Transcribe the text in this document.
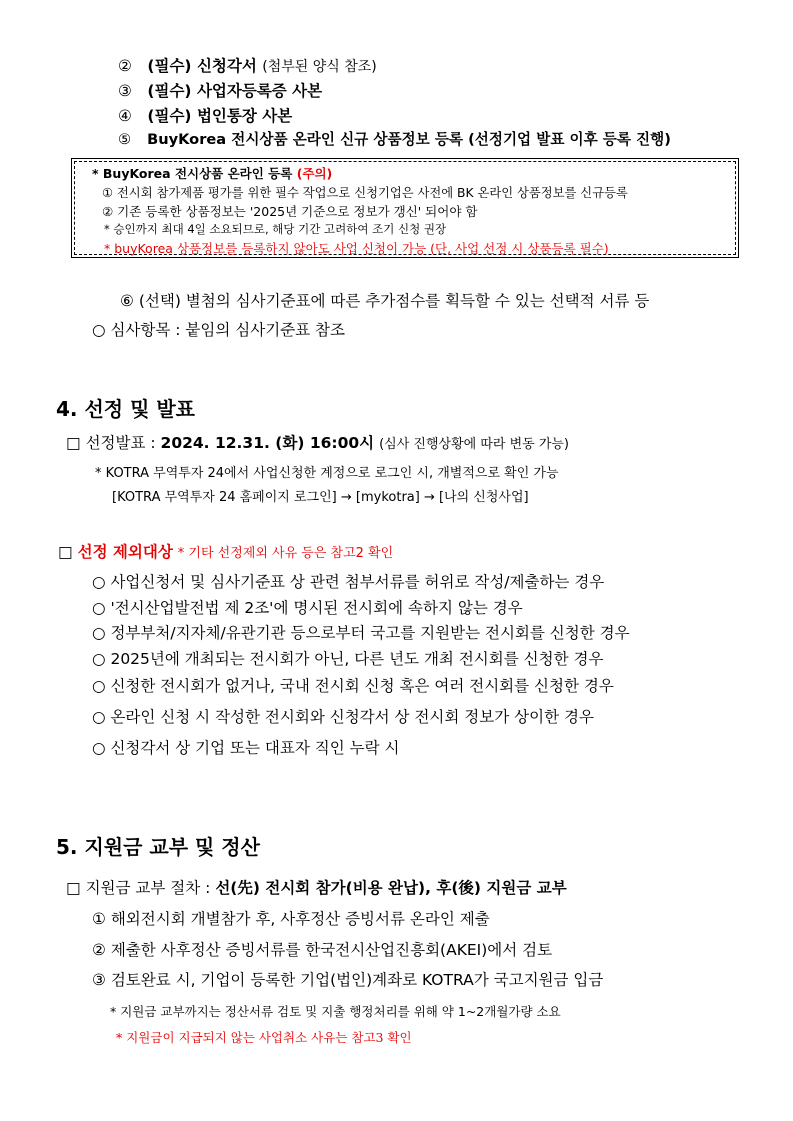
② (필수) 신청각서 (첨부된 양식 참조)
③ (필수) 사업자등록증 사본
④ (필수) 법인통장 사본
⑤ BuyKorea 전시상품 온라인 신규 상품정보 등록 (선정기업 발표 이후 등록 진행)
* BuyKorea 전시상품 온라인 등록 (주의)
① 전시회 참가제품 평가를 위한 필수 작업으로 신청기업은 사전에 BK 온라인 상품정보를 신규등록
② 기존 등록한 상품정보는 '2025년 기준으로 정보가 갱신' 되어야 함
* 승인까지 최대 4일 소요되므로, 해당 기간 고려하여 조기 신청 권장
* buyKorea 상품정보를 등록하지 않아도 사업 신청이 가능 (단, 사업 선정 시 상품등록 필수)
⑥ (선택) 별첨의 심사기준표에 따른 추가점수를 획득할 수 있는 선택적 서류 등
○ 심사항목 : 붙임의 심사기준표 참조
4. 선정 및 발표
□ 선정발표 : 2024. 12.31. (화) 16:00시 (심사 진행상황에 따라 변동 가능)
* KOTRA 무역투자 24에서 사업신청한 계정으로 로그인 시, 개별적으로 확인 가능
[KOTRA 무역투자 24 홈페이지 로그인] → [mykotra] → [나의 신청사업]
□ 선정 제외대상 * 기타 선정제외 사유 등은 참고2 확인
○ 사업신청서 및 심사기준표 상 관련 첨부서류를 허위로 작성/제출하는 경우
○ '전시산업발전법 제 2조'에 명시된 전시회에 속하지 않는 경우
○ 정부부처/지자체/유관기관 등으로부터 국고를 지원받는 전시회를 신청한 경우
○ 2025년에 개최되는 전시회가 아닌, 다른 년도 개최 전시회를 신청한 경우
○ 신청한 전시회가 없거나, 국내 전시회 신청 혹은 여러 전시회를 신청한 경우
○ 온라인 신청 시 작성한 전시회와 신청각서 상 전시회 정보가 상이한 경우
○ 신청각서 상 기업 또는 대표자 직인 누락 시
5. 지원금 교부 및 정산
□ 지원금 교부 절차 : 선(先) 전시회 참가(비용 완납), 후(後) 지원금 교부
① 해외전시회 개별참가 후, 사후정산 증빙서류 온라인 제출
② 제출한 사후정산 증빙서류를 한국전시산업진흥회(AKEI)에서 검토
③ 검토완료 시, 기업이 등록한 기업(법인)계좌로 KOTRA가 국고지원금 입금
* 지원금 교부까지는 정산서류 검토 및 지출 행정처리를 위해 약 1~2개월가량 소요
* 지원금이 지급되지 않는 사업취소 사유는 참고3 확인
